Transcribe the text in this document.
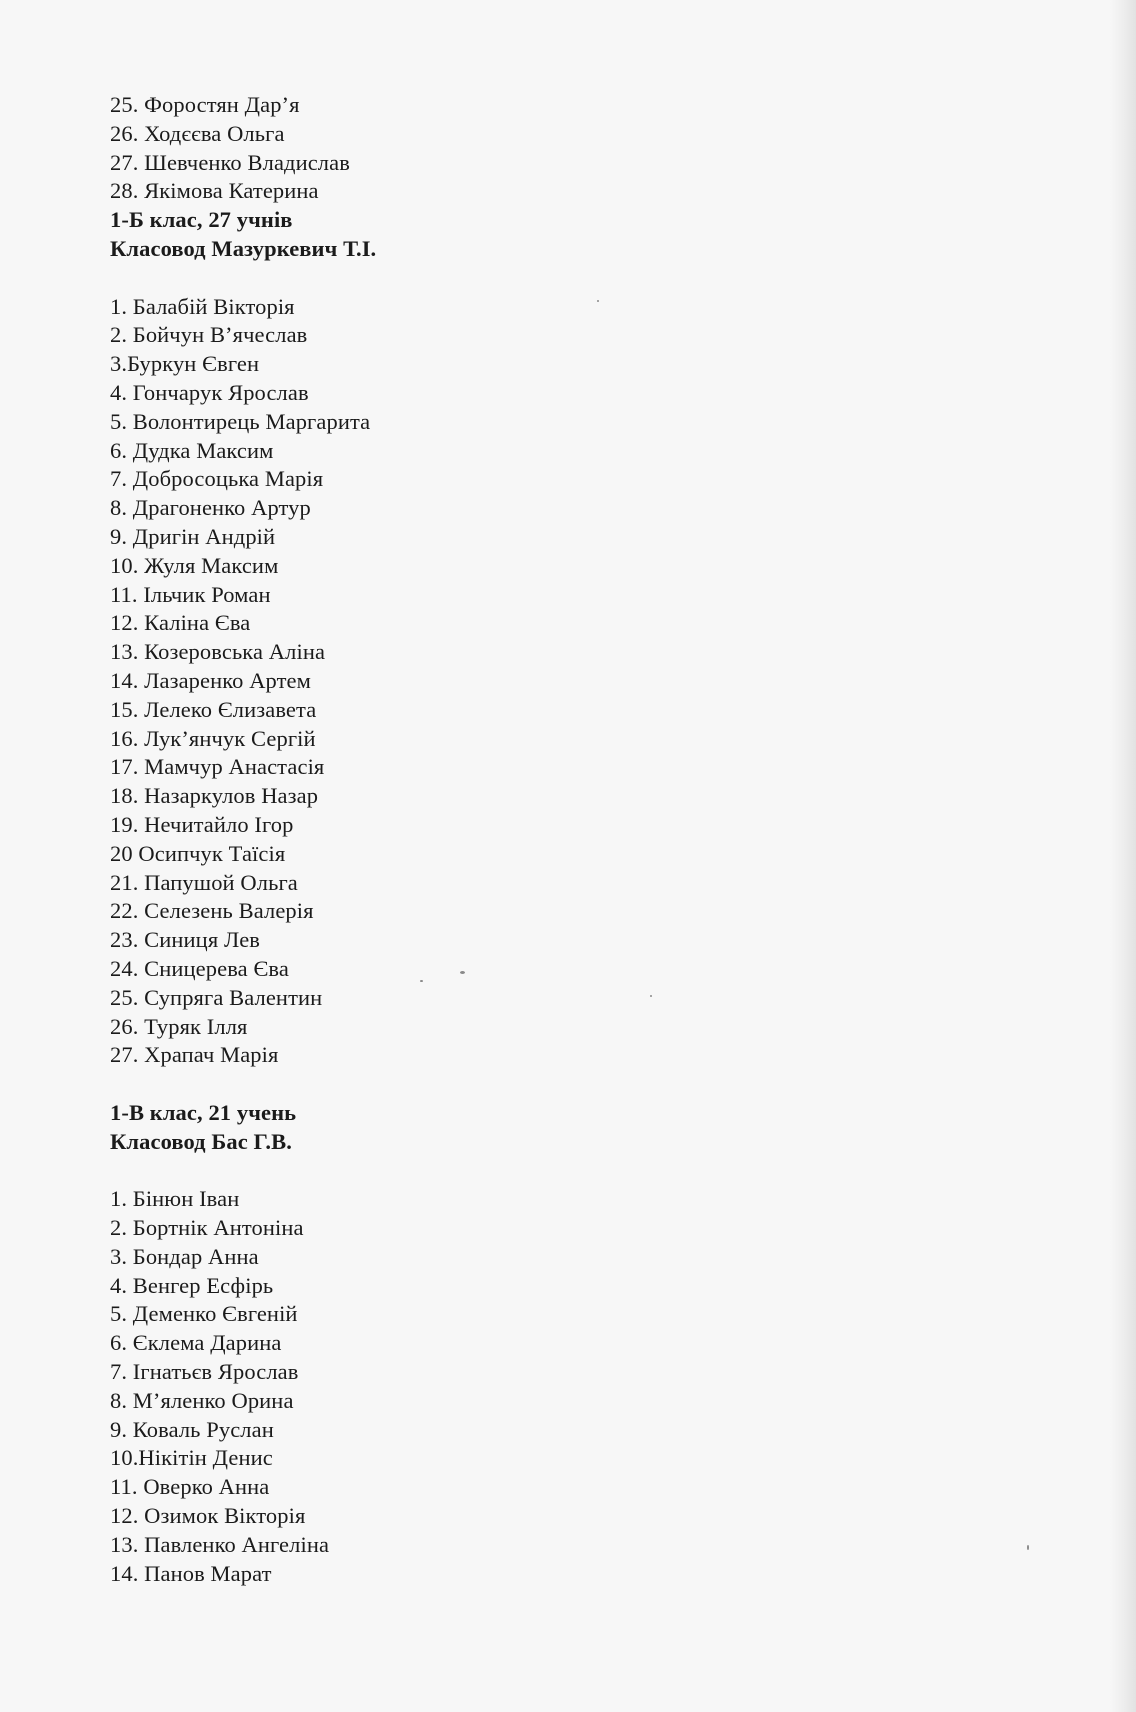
25. Форостян Дар’я
26. Ходєєва Ольга
27. Шевченко Владислав
28. Якімова Катерина
1-Б клас, 27 учнів
Класовод Мазуркевич Т.І.
1. Балабій Вікторія
2. Бойчун В’ячеслав
3.Буркун Євген
4. Гончарук Ярослав
5. Волонтирець Маргарита
6. Дудка Максим
7. Добросоцька Марія
8. Драгоненко Артур
9. Дригін Андрій
10. Жуля Максим
11. Ільчик Роман
12. Каліна Єва
13. Козеровська Аліна
14. Лазаренко Артем
15. Лелеко Єлизавета
16. Лук’янчук Сергій
17. Мамчур Анастасія
18. Назаркулов Назар
19. Нечитайло Ігор
20 Осипчук Таїсія
21. Папушой Ольга
22. Селезень Валерія
23. Синиця Лев
24. Сницерева Єва
25. Супряга Валентин
26. Туряк Ілля
27. Храпач Марія
1-В клас, 21 учень
Класовод Бас Г.В.
1. Бінюн Іван
2. Бортнік Антоніна
3. Бондар Анна
4. Венгер Есфірь
5. Деменко Євгеній
6. Єклема Дарина
7. Ігнатьєв Ярослав
8. М’яленко Орина
9. Коваль Руслан
10.Нікітін Денис
11. Оверко Анна
12. Озимок Вікторія
13. Павленко Ангеліна
14. Панов Марат
